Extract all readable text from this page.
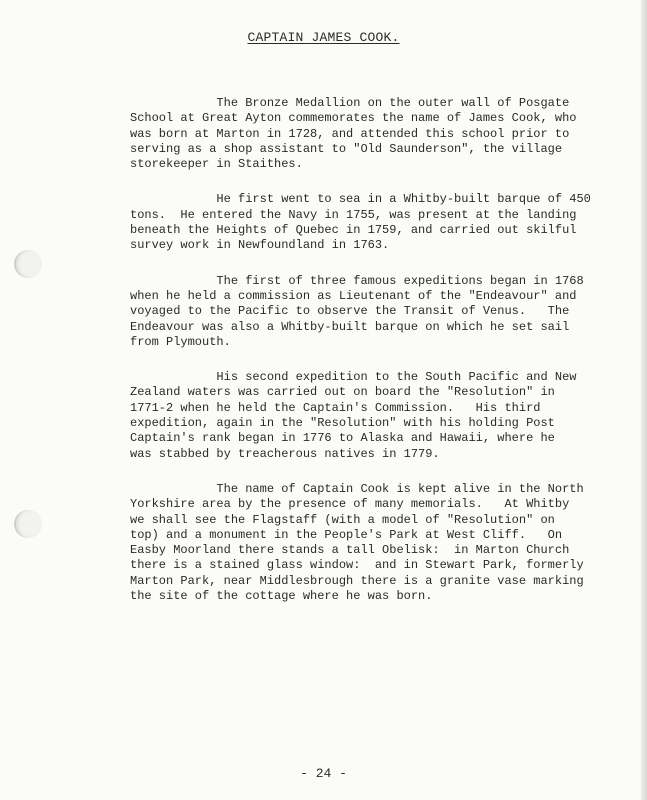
CAPTAIN JAMES COOK.

The Bronze Medallion on the outer wall of Posgate
School at Great Ayton commemorates the name of James Cook, who
was born at Marton in 1728, and attended this school prior to
serving as a shop assistant to "Old Saunderson", the village
storekeeper in Staithes.

He first went to sea in a Whitby-built barque of 450
tons.  He entered the Navy in 1755, was present at the landing
beneath the Heights of Quebec in 1759, and carried out skilful
survey work in Newfoundland in 1763.

The first of three famous expeditions began in 1768
when he held a commission as Lieutenant of the "Endeavour" and
voyaged to the Pacific to observe the Transit of Venus.   The
Endeavour was also a Whitby-built barque on which he set sail
from Plymouth.

His second expedition to the South Pacific and New
Zealand waters was carried out on board the "Resolution" in
1771-2 when he held the Captain's Commission.   His third
expedition, again in the "Resolution" with his holding Post
Captain's rank began in 1776 to Alaska and Hawaii, where he
was stabbed by treacherous natives in 1779.

The name of Captain Cook is kept alive in the North
Yorkshire area by the presence of many memorials.   At Whitby
we shall see the Flagstaff (with a model of "Resolution" on
top) and a monument in the People's Park at West Cliff.   On
Easby Moorland there stands a tall Obelisk:  in Marton Church
there is a stained glass window:  and in Stewart Park, formerly
Marton Park, near Middlesbrough there is a granite vase marking
the site of the cottage where he was born.

- 24 -
